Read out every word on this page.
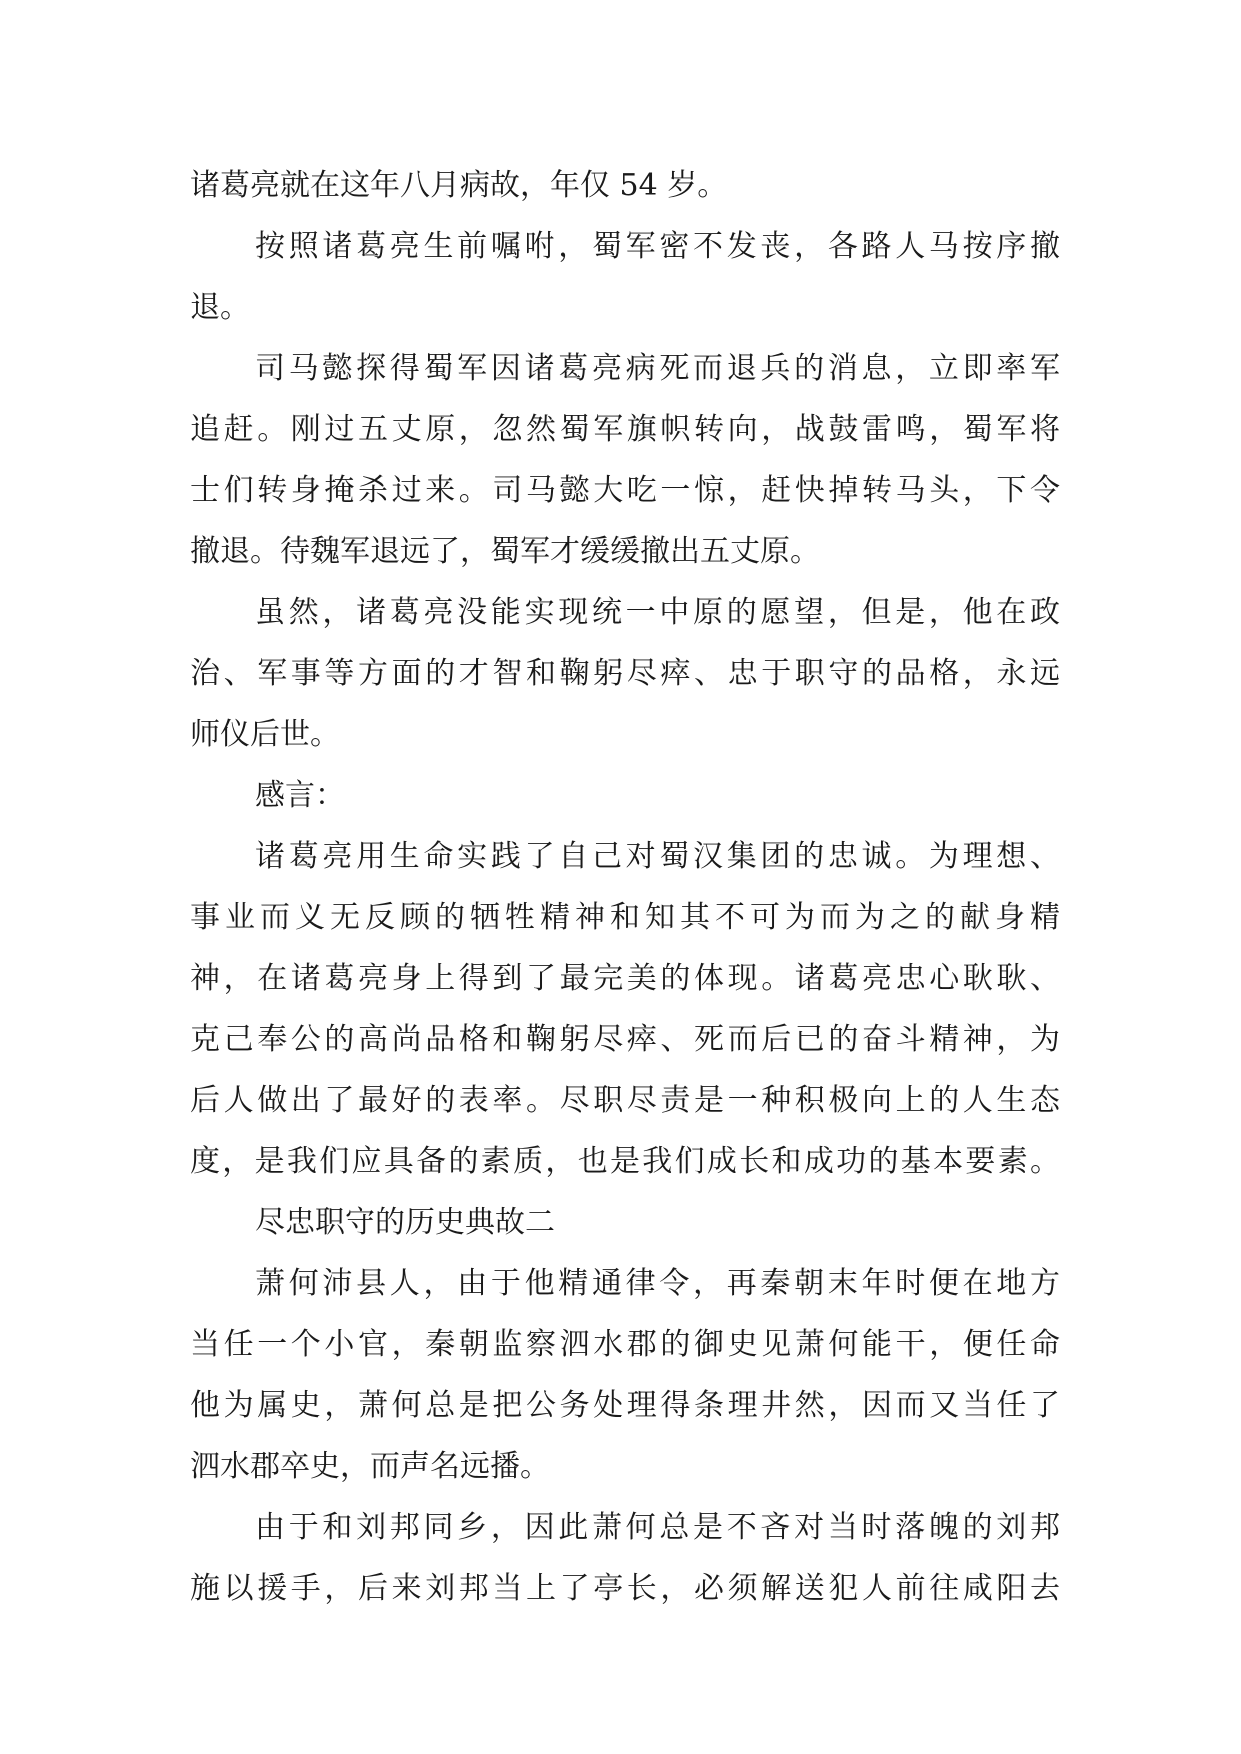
诸葛亮就在这年八月病故，年仅 54 岁。
按照诸葛亮生前嘱咐，蜀军密不发丧，各路人马按序撤
退。
司马懿探得蜀军因诸葛亮病死而退兵的消息，立即率军
追赶。刚过五丈原，忽然蜀军旗帜转向，战鼓雷鸣，蜀军将
士们转身掩杀过来。司马懿大吃一惊，赶快掉转马头，下令
撤退。待魏军退远了，蜀军才缓缓撤出五丈原。
虽然，诸葛亮没能实现统一中原的愿望，但是，他在政
治、军事等方面的才智和鞠躬尽瘁、忠于职守的品格，永远
师仪后世。
感言：
诸葛亮用生命实践了自己对蜀汉集团的忠诚。为理想、
事业而义无反顾的牺牲精神和知其不可为而为之的献身精
神，在诸葛亮身上得到了最完美的体现。诸葛亮忠心耿耿、
克己奉公的高尚品格和鞠躬尽瘁、死而后已的奋斗精神，为
后人做出了最好的表率。尽职尽责是一种积极向上的人生态
度，是我们应具备的素质，也是我们成长和成功的基本要素。
尽忠职守的历史典故二
萧何沛县人，由于他精通律令，再秦朝末年时便在地方
当任一个小官，秦朝监察泗水郡的御史见萧何能干，便任命
他为属史，萧何总是把公务处理得条理井然，因而又当任了
泗水郡卒史，而声名远播。
由于和刘邦同乡，因此萧何总是不吝对当时落魄的刘邦
施以援手，后来刘邦当上了亭长，必须解送犯人前往咸阳去
